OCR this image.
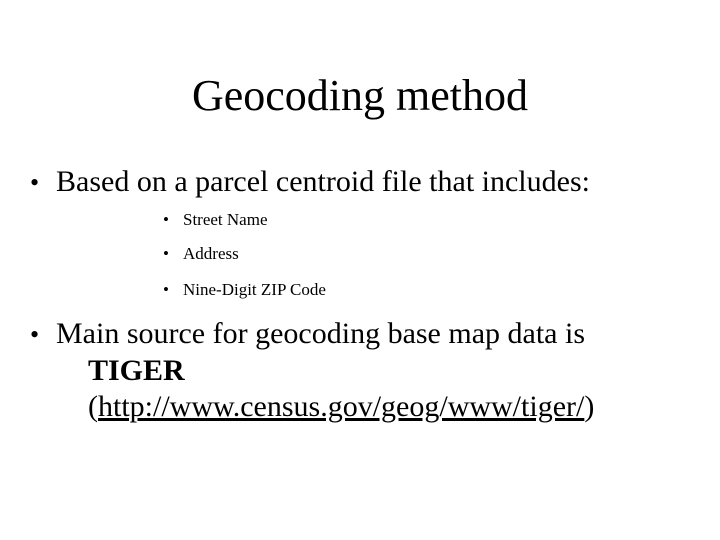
Geocoding method
• Based on a parcel centroid file that includes:
• Street Name
• Address
• Nine-Digit ZIP Code
• Main source for geocoding base map data is
TIGER
(http://www.census.gov/geog/www/tiger/)
